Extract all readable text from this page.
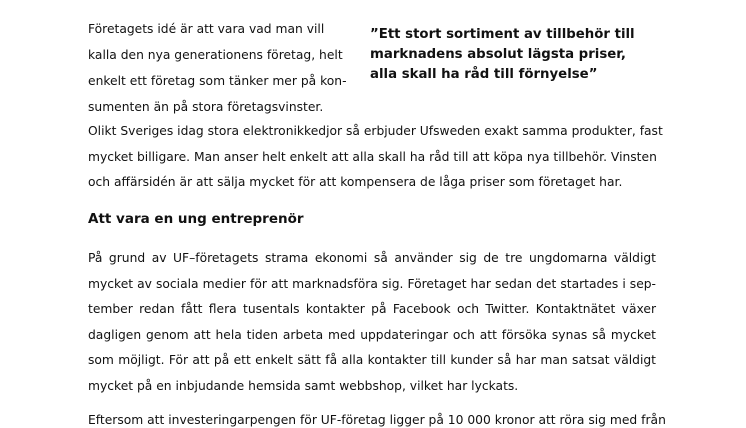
Företagets idé är att vara vad man vill
kalla den nya generationens företag, helt
enkelt ett företag som tänker mer på kon-
sumenten än på stora företagsvinster.
”Ett stort sortiment av tillbehör till
marknadens absolut lägsta priser,
alla skall ha råd till förnyelse”
Olikt Sveriges idag stora elektronikkedjor så erbjuder Ufsweden exakt samma produkter, fast
mycket billigare. Man anser helt enkelt att alla skall ha råd till att köpa nya tillbehör. Vinsten
och affärsidén är att sälja mycket för att kompensera de låga priser som företaget har.
Att vara en ung entreprenör
På grund av UF–företagets strama ekonomi så använder sig de tre ungdomarna väldigt
mycket av sociala medier för att marknadsföra sig. Företaget har sedan det startades i sep-
tember redan fått flera tusentals kontakter på Facebook och Twitter. Kontaktnätet växer
dagligen genom att hela tiden arbeta med uppdateringar och att försöka synas så mycket
som möjligt. För att på ett enkelt sätt få alla kontakter till kunder så har man satsat väldigt
mycket på en inbjudande hemsida samt webbshop, vilket har lyckats.
Eftersom att investeringarpengen för UF-företag ligger på 10 000 kronor att röra sig med från
